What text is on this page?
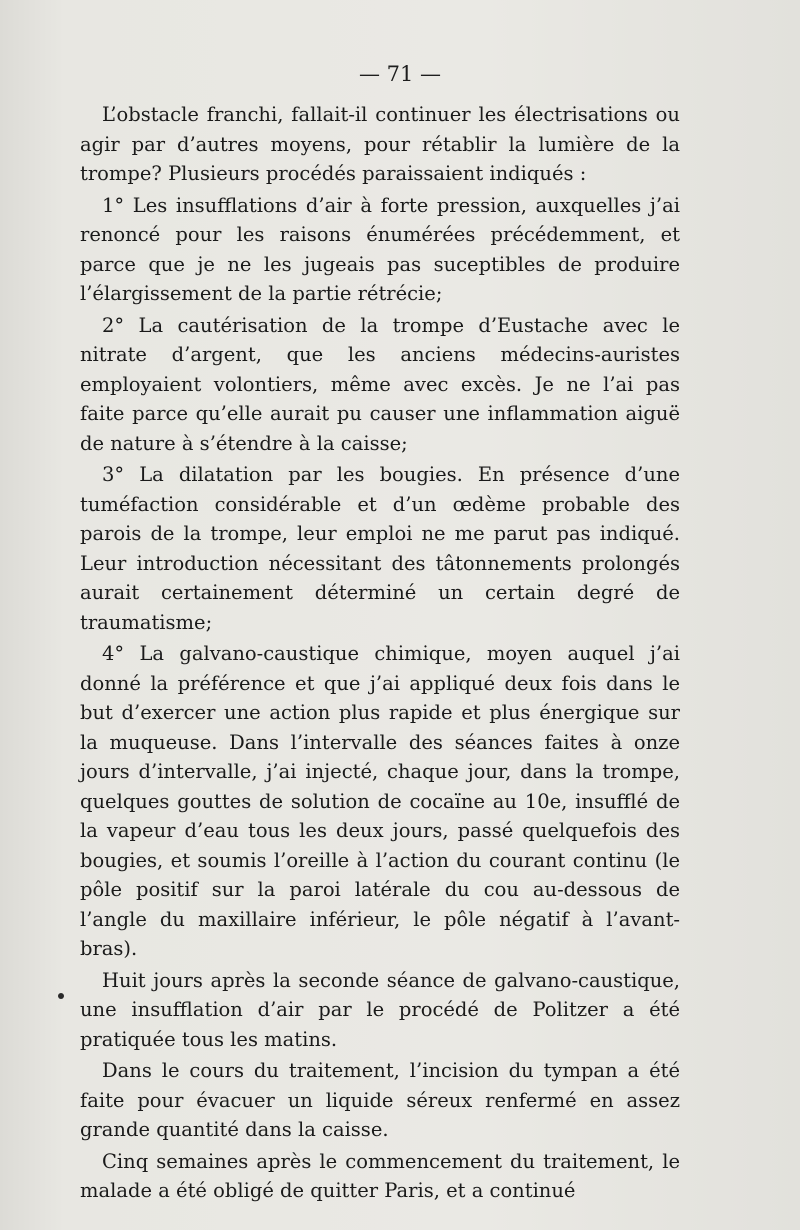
— 71 —

L’obstacle franchi, fallait-il continuer les électrisations ou agir par d’autres moyens, pour rétablir la lumière de la trompe? Plusieurs procédés paraissaient indiqués :

1° Les insufflations d’air à forte pression, auxquelles j’ai renoncé pour les raisons énumérées précédemment, et parce que je ne les jugeais pas suceptibles de produire l’élargissement de la partie rétrécie;

2° La cautérisation de la trompe d’Eustache avec le nitrate d’argent, que les anciens médecins-auristes employaient volontiers, même avec excès. Je ne l’ai pas faite parce qu’elle aurait pu causer une inflammation aiguë de nature à s’étendre à la caisse;

3° La dilatation par les bougies. En présence d’une tuméfaction considérable et d’un œdème probable des parois de la trompe, leur emploi ne me parut pas indiqué. Leur introduction nécessitant des tâtonnements prolongés aurait certainement déterminé un certain degré de traumatisme;

4° La galvano-caustique chimique, moyen auquel j’ai donné la préférence et que j’ai appliqué deux fois dans le but d’exercer une action plus rapide et plus énergique sur la muqueuse. Dans l’intervalle des séances faites à onze jours d’intervalle, j’ai injecté, chaque jour, dans la trompe, quelques gouttes de solution de cocaïne au 10e, insufflé de la vapeur d’eau tous les deux jours, passé quelquefois des bougies, et soumis l’oreille à l’action du courant continu (le pôle positif sur la paroi latérale du cou au-dessous de l’angle du maxillaire inférieur, le pôle négatif à l’avant-bras).

Huit jours après la seconde séance de galvano-caustique, une insufflation d’air par le procédé de Politzer a été pratiquée tous les matins.

Dans le cours du traitement, l’incision du tympan a été faite pour évacuer un liquide séreux renfermé en assez grande quantité dans la caisse.

Cinq semaines après le commencement du traitement, le malade a été obligé de quitter Paris, et a continué
